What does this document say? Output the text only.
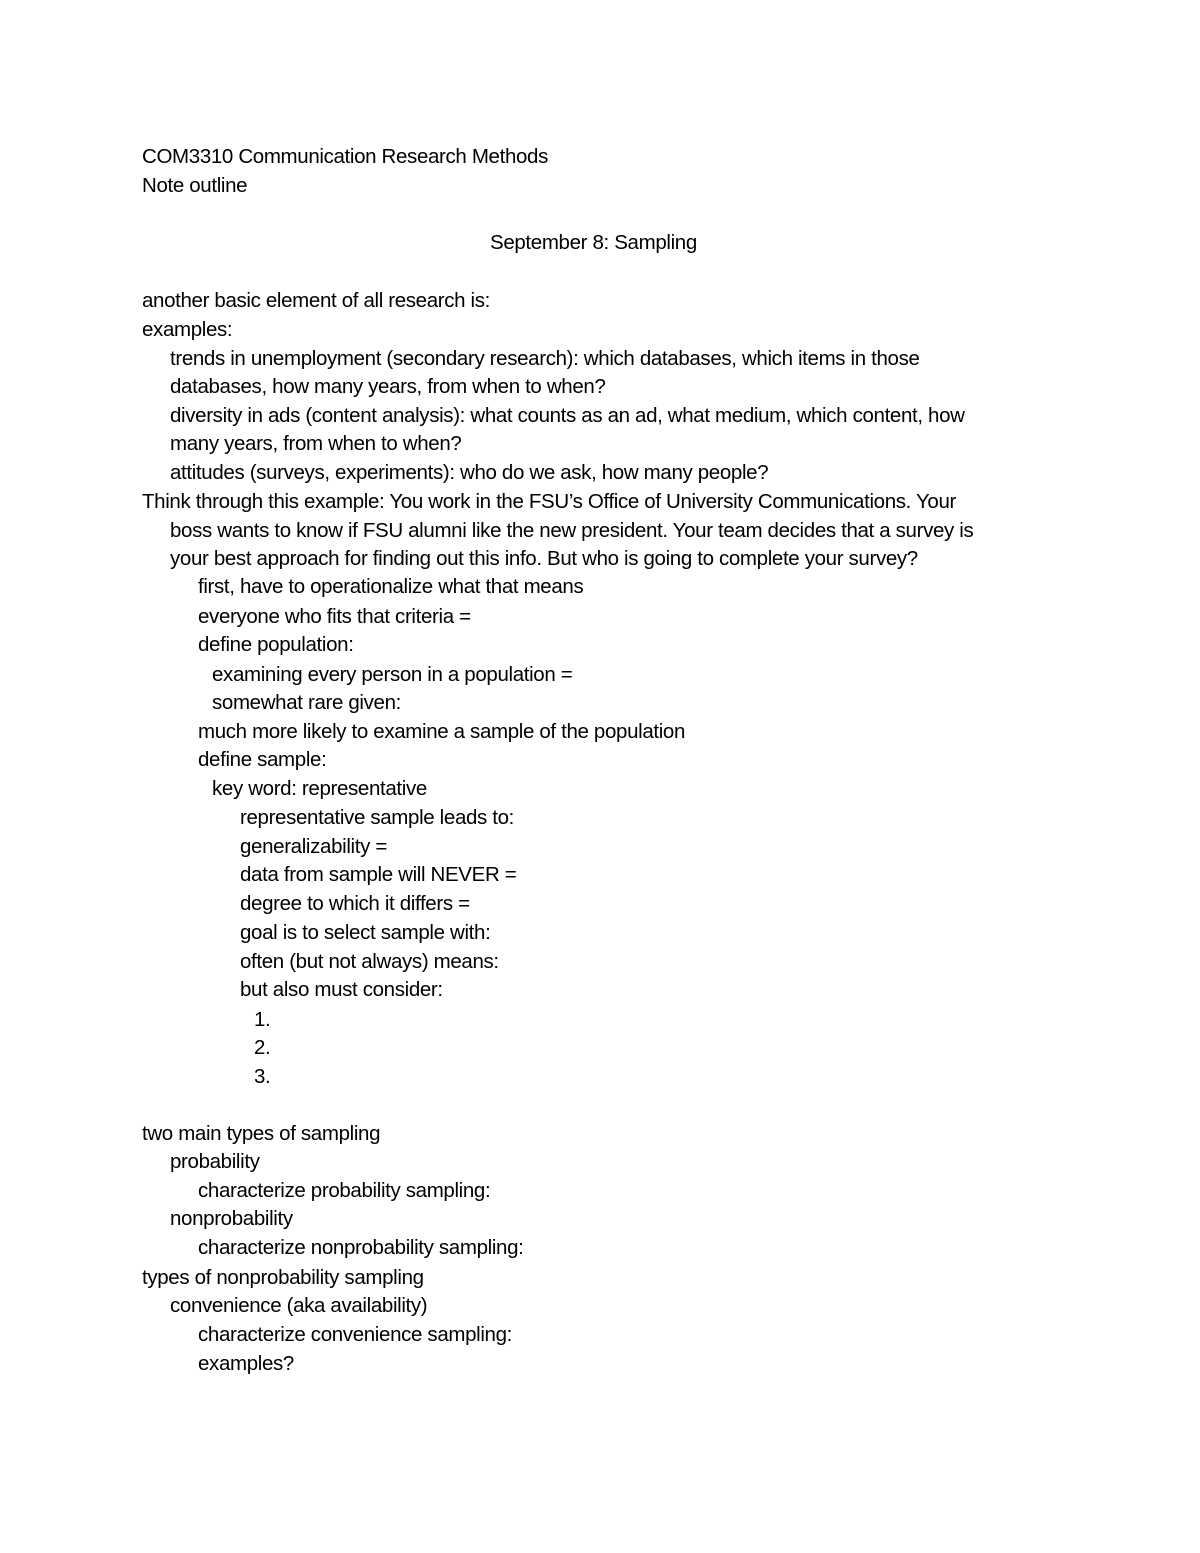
COM3310 Communication Research Methods
Note outline
September 8: Sampling
another basic element of all research is:
examples:
trends in unemployment (secondary research): which databases, which items in those
databases, how many years, from when to when?
diversity in ads (content analysis): what counts as an ad, what medium, which content, how
many years, from when to when?
attitudes (surveys, experiments): who do we ask, how many people?
Think through this example: You work in the FSU’s Office of University Communications. Your
boss wants to know if FSU alumni like the new president. Your team decides that a survey is
your best approach for finding out this info. But who is going to complete your survey?
first, have to operationalize what that means
everyone who fits that criteria =
define population:
examining every person in a population =
somewhat rare given:
much more likely to examine a sample of the population
define sample:
key word: representative
representative sample leads to:
generalizability =
data from sample will NEVER =
degree to which it differs =
goal is to select sample with:
often (but not always) means:
but also must consider:
1.
2.
3.
two main types of sampling
probability
characterize probability sampling:
nonprobability
characterize nonprobability sampling:
types of nonprobability sampling
convenience (aka availability)
characterize convenience sampling:
examples?
